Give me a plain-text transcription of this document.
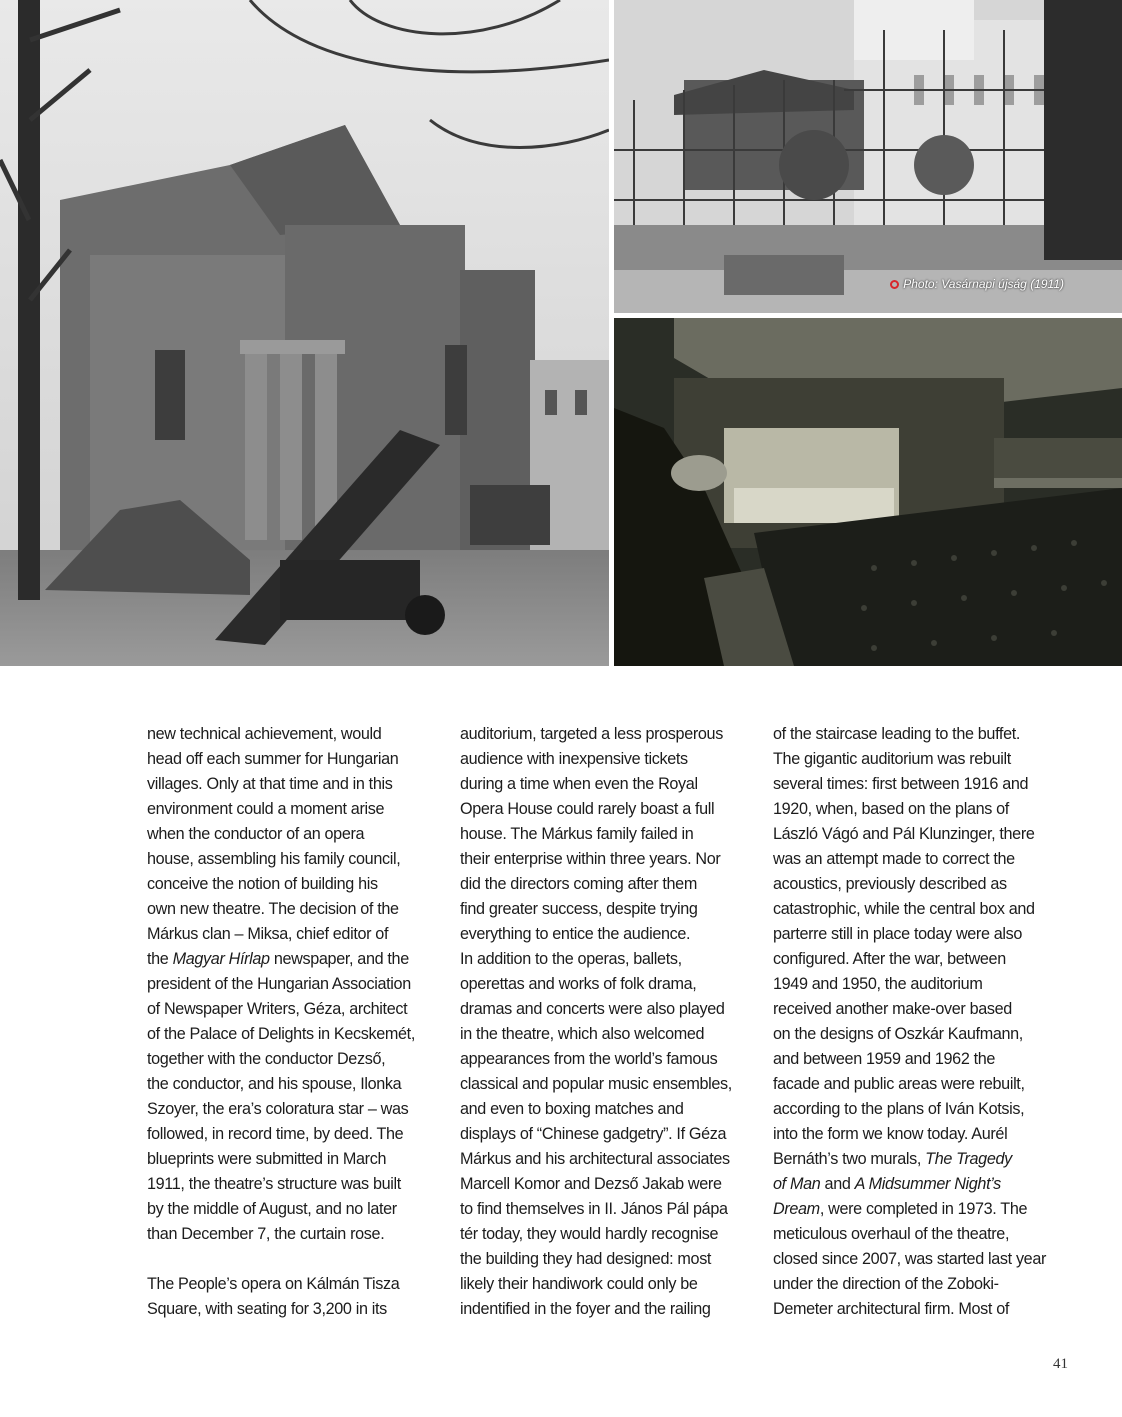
Photo: Vasárnapi újság (1911)
new technical achievement, would
head off each summer for Hungarian
villages. Only at that time and in this
environment could a moment arise
when the conductor of an opera
house, assembling his family council,
conceive the notion of building his
own new theatre. The decision of the
Márkus clan – Miksa, chief editor of
the Magyar Hírlap newspaper, and the
president of the Hungarian Association
of Newspaper Writers, Géza, architect
of the Palace of Delights in Kecskemét,
together with the conductor Dezső,
the conductor, and his spouse, Ilonka
Szoyer, the era’s coloratura star – was
followed, in record time, by deed. The
blueprints were submitted in March
1911, the theatre’s structure was built
by the middle of August, and no later
than December 7, the curtain rose.
The People’s opera on Kálmán Tisza
Square, with seating for 3,200 in its
auditorium, targeted a less prosperous
audience with inexpensive tickets
during a time when even the Royal
Opera House could rarely boast a full
house. The Márkus family failed in
their enterprise within three years. Nor
did the directors coming after them
find greater success, despite trying
everything to entice the audience.
In addition to the operas, ballets,
operettas and works of folk drama,
dramas and concerts were also played
in the theatre, which also welcomed
appearances from the world’s famous
classical and popular music ensembles,
and even to boxing matches and
displays of “Chinese gadgetry”. If Géza
Márkus and his architectural associates
Marcell Komor and Dezső Jakab were
to find themselves in II. János Pál pápa
tér today, they would hardly recognise
the building they had designed: most
likely their handiwork could only be
indentified in the foyer and the railing
of the staircase leading to the buffet.
The gigantic auditorium was rebuilt
several times: first between 1916 and
1920, when, based on the plans of
László Vágó and Pál Klunzinger, there
was an attempt made to correct the
acoustics, previously described as
catastrophic, while the central box and
parterre still in place today were also
configured. After the war, between
1949 and 1950, the auditorium
received another make-over based
on the designs of Oszkár Kaufmann,
and between 1959 and 1962 the
facade and public areas were rebuilt,
according to the plans of Iván Kotsis,
into the form we know today. Aurél
Bernáth’s two murals, The Tragedy
of Man and A Midsummer Night’s
Dream, were completed in 1973. The
meticulous overhaul of the theatre,
closed since 2007, was started last year
under the direction of the Zoboki-
Demeter architectural firm. Most of
41
